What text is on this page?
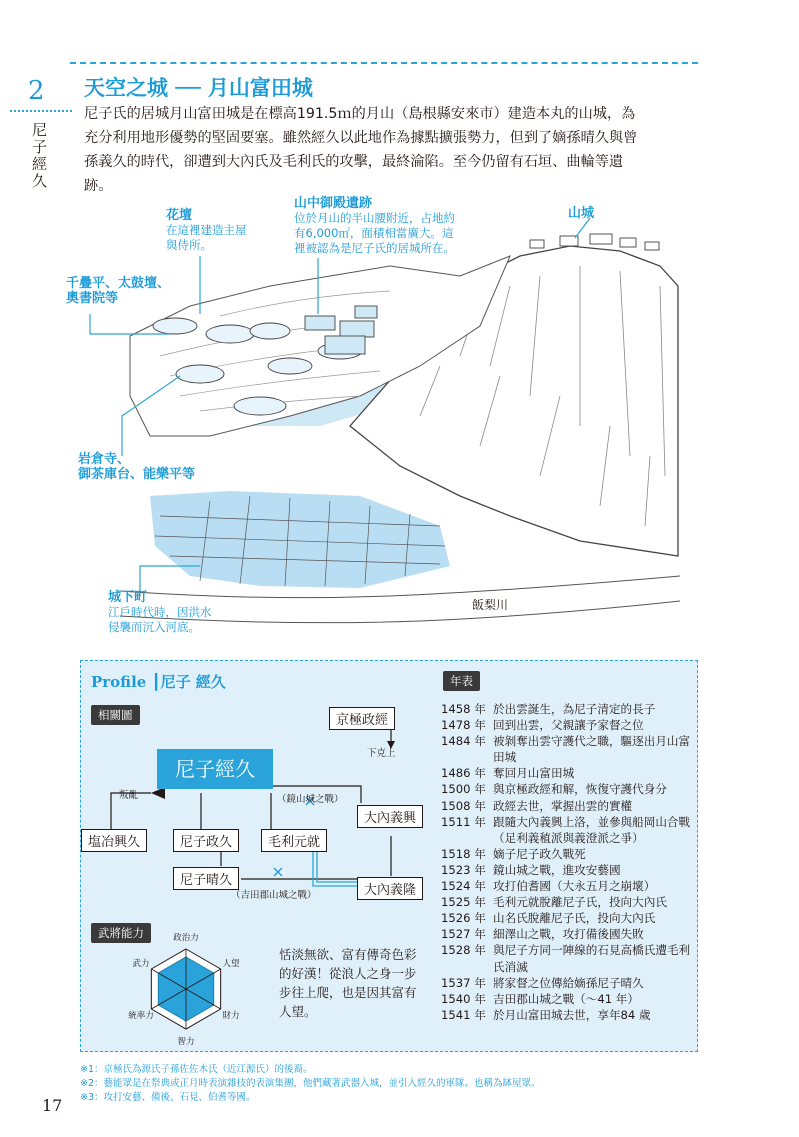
2
尼子經久
天空之城 ── 月山富田城
尼子氏的居城月山富田城是在標高191.5ｍ的月山（島根縣安來市）建造本丸的山城，為充分利用地形優勢的堅固要塞。雖然經久以此地作為據點擴張勢力，但到了嫡孫晴久與曾孫義久的時代，卻遭到大內氏及毛利氏的攻擊，最終淪陷。至今仍留有石垣、曲輪等遺跡。
花壇
在這裡建造主屋
與侍所。
山中御殿遺跡
位於月山的半山腰附近，占地約
有6,000㎡，面積相當廣大。這
裡被認為是尼子氏的居城所在。
山城
千疊平、太鼓壇、
奧書院等
岩倉寺、
御茶庫台、能樂平等
城下町
江戶時代時，因洪水
侵襲而沉入河底。
飯梨川
Profile ┃尼子 經久
相關圖	京極政經
下克上
尼子經久
叛亂	（鏡山城之戰）
大內義興
塩冶興久	尼子政久	毛利元就
尼子晴久
大內義隆
（吉田郡山城之戰）
武將能力	政治力
人望
財力
智力
統率力
武力
恬淡無欲、富有傳奇色彩的好漢！從浪人之身一步步往上爬，也是因其富有人望。
年表
1458 年 於出雲誕生，為尼子清定的長子
1478 年 回到出雲，父親讓予家督之位
1484 年 被剝奪出雲守護代之職，驅逐出月山富田城
1486 年 奪回月山富田城
1500 年 與京極政經和解，恢復守護代身分
1508 年 政經去世，掌握出雲的實權
1511 年 跟隨大內義興上洛，並參與船岡山合戰（足利義稙派與義澄派之爭）
1518 年 嫡子尼子政久戰死
1523 年 鏡山城之戰，進攻安藝國
1524 年 攻打伯耆國（大永五月之崩壞）
1525 年 毛利元就脫離尼子氏，投向大內氏
1526 年 山名氏脫離尼子氏，投向大內氏
1527 年 細澤山之戰，攻打備後國失敗
1528 年 與尼子方同一陣線的石見高橋氏遭毛利氏消滅
1537 年 將家督之位傳給嫡孫尼子晴久
1540 年 吉田郡山城之戰（～41 年）
1541 年 於月山富田城去世，享年84 歲
※1：京極氏為源氏子孫佐佐木氏（近江源氏）的後裔。
※2：藝能眾是在祭典或正月時表演雜技的表演集團，他們藏著武器入城，並引入經久的軍隊。也稱為缽屋眾。
※3：攻打安藝、備後、石見、伯耆等國。
17
